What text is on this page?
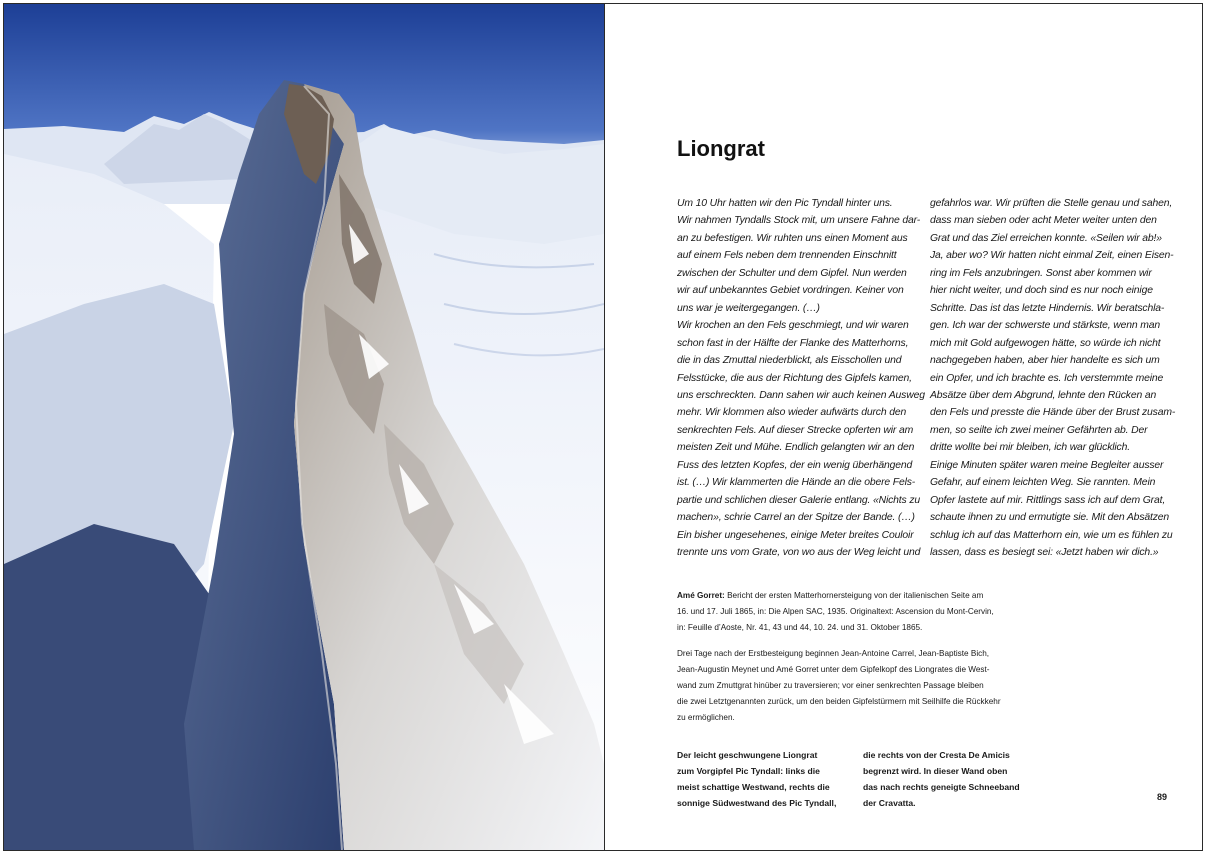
Liongrat

Um 10 Uhr hatten wir den Pic Tyndall hinter uns.
Wir nahmen Tyndalls Stock mit, um unsere Fahne dar-
an zu befestigen. Wir ruhten uns einen Moment aus
auf einem Fels neben dem trennenden Einschnitt
zwischen der Schulter und dem Gipfel. Nun werden
wir auf unbekanntes Gebiet vordringen. Keiner von
uns war je weitergegangen. (…)
Wir krochen an den Fels geschmiegt, und wir waren
schon fast in der Hälfte der Flanke des Matterhorns,
die in das Zmuttal niederblickt, als Eisschollen und
Felsstücke, die aus der Richtung des Gipfels kamen,
uns erschreckten. Dann sahen wir auch keinen Ausweg
mehr. Wir klommen also wieder aufwärts durch den
senkrechten Fels. Auf dieser Strecke opferten wir am
meisten Zeit und Mühe. Endlich gelangten wir an den
Fuss des letzten Kopfes, der ein wenig überhängend
ist. (…) Wir klammerten die Hände an die obere Fels-
partie und schlichen dieser Galerie entlang. «Nichts zu
machen», schrie Carrel an der Spitze der Bande. (…)
Ein bisher ungesehenes, einige Meter breites Couloir
trennte uns vom Grate, von wo aus der Weg leicht und

gefahrlos war. Wir prüften die Stelle genau und sahen,
dass man sieben oder acht Meter weiter unten den
Grat und das Ziel erreichen konnte. «Seilen wir ab!»
Ja, aber wo? Wir hatten nicht einmal Zeit, einen Eisen-
ring im Fels anzubringen. Sonst aber kommen wir
hier nicht weiter, und doch sind es nur noch einige
Schritte. Das ist das letzte Hindernis. Wir beratschla-
gen. Ich war der schwerste und stärkste, wenn man
mich mit Gold aufgewogen hätte, so würde ich nicht
nachgegeben haben, aber hier handelte es sich um
ein Opfer, und ich brachte es. Ich verstemmte meine
Absätze über dem Abgrund, lehnte den Rücken an
den Fels und presste die Hände über der Brust zusam-
men, so seilte ich zwei meiner Gefährten ab. Der
dritte wollte bei mir bleiben, ich war glücklich.
Einige Minuten später waren meine Begleiter ausser
Gefahr, auf einem leichten Weg. Sie rannten. Mein
Opfer lastete auf mir. Rittlings sass ich auf dem Grat,
schaute ihnen zu und ermutigte sie. Mit den Absätzen
schlug ich auf das Matterhorn ein, wie um es fühlen zu
lassen, dass es besiegt sei: «Jetzt haben wir dich.»

Amé Gorret: Bericht der ersten Matterhornersteigung von der italienischen Seite am
16. und 17. Juli 1865, in: Die Alpen SAC, 1935. Originaltext: Ascension du Mont-Cervin,
in: Feuille d’Aoste, Nr. 41, 43 und 44, 10. 24. und 31. Oktober 1865.

Drei Tage nach der Erstbesteigung beginnen Jean-Antoine Carrel, Jean-Baptiste Bich,
Jean-Augustin Meynet und Amé Gorret unter dem Gipfelkopf des Liongrates die West-
wand zum Zmuttgrat hinüber zu traversieren; vor einer senkrechten Passage bleiben
die zwei Letztgenannten zurück, um den beiden Gipfelstürmern mit Seilhilfe die Rückkehr
zu ermöglichen.

Der leicht geschwungene Liongrat
zum Vorgipfel Pic Tyndall: links die
meist schattige Westwand, rechts die
sonnige Südwestwand des Pic Tyndall,

die rechts von der Cresta De Amicis
begrenzt wird. In dieser Wand oben
das nach rechts geneigte Schneeband
der Cravatta.

89
